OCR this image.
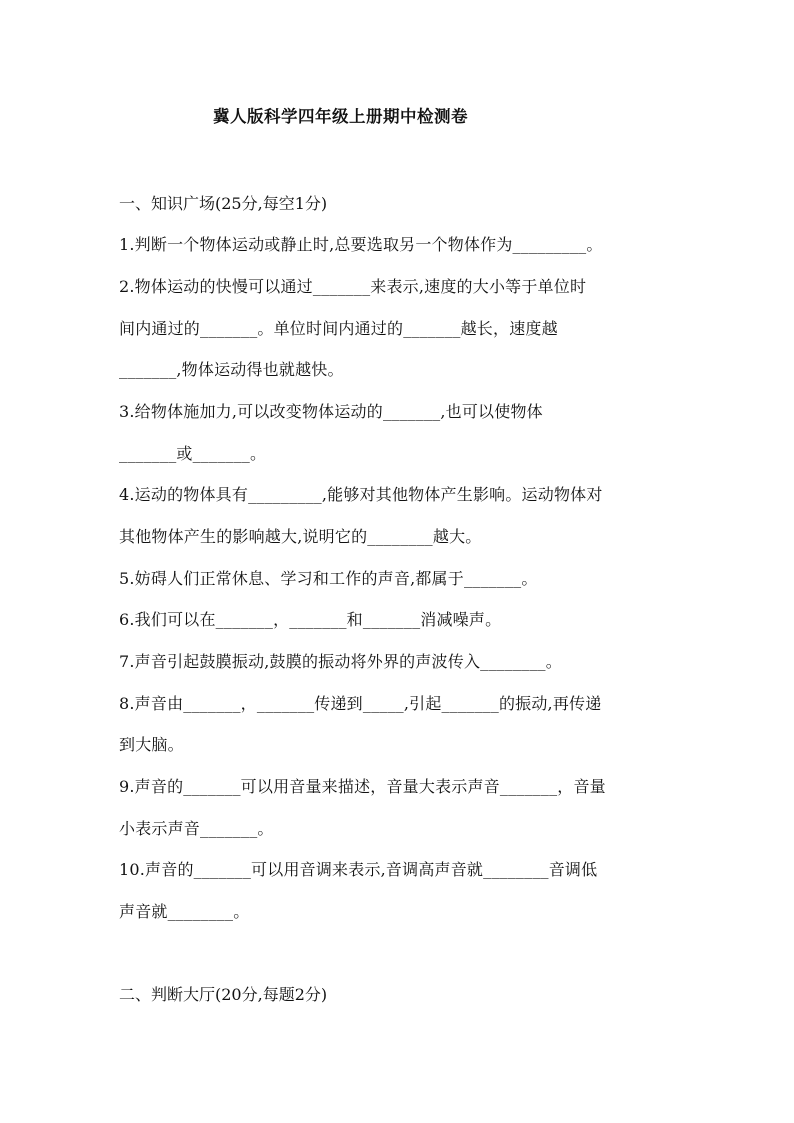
冀人版科学四年级上册期中检测卷
一、知识广场(25分,每空1分)
1.判断一个物体运动或静止时,总要选取另一个物体作为_________。
2.物体运动的快慢可以通过_______来表示,速度的大小等于单位时
间内通过的_______。单位时间内通过的_______越长，速度越
_______,物体运动得也就越快。
3.给物体施加力,可以改变物体运动的_______,也可以使物体
_______或_______。
4.运动的物体具有_________,能够对其他物体产生影响。运动物体对
其他物体产生的影响越大,说明它的________越大。
5.妨碍人们正常休息、学习和工作的声音,都属于_______。
6.我们可以在_______，_______和_______消减噪声。
7.声音引起鼓膜振动,鼓膜的振动将外界的声波传入________。
8.声音由_______，_______传递到_____,引起_______的振动,再传递
到大脑。
9.声音的_______可以用音量来描述，音量大表示声音_______，音量
小表示声音_______。
10.声音的_______可以用音调来表示,音调高声音就________音调低
声音就________。
二、判断大厅(20分,每题2分)
